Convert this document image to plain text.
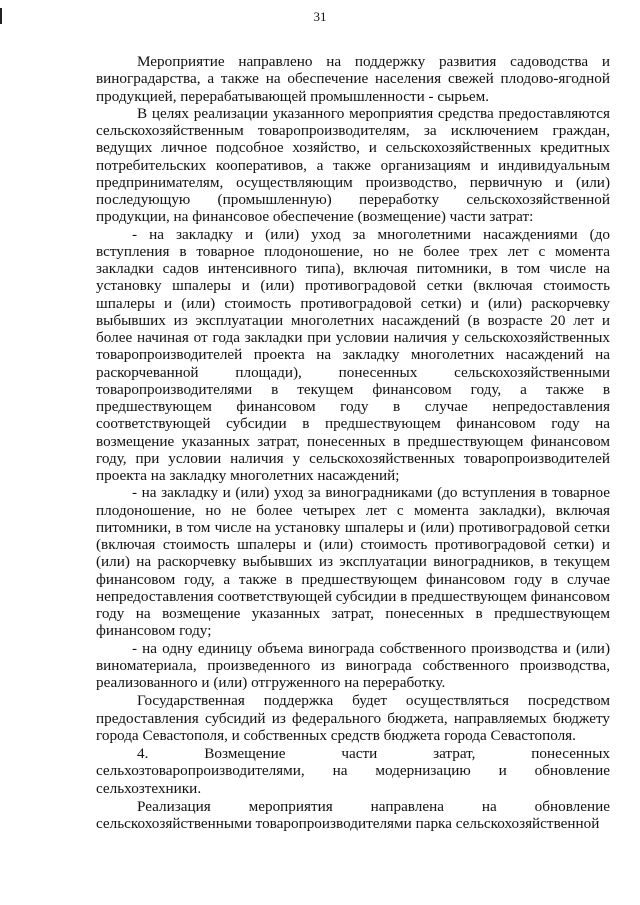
31

Мероприятие направлено на поддержку развития садоводства и виноградарства, а также на обеспечение населения свежей плодово-ягодной продукцией, перерабатывающей промышленности - сырьем.

В целях реализации указанного мероприятия средства предоставляются сельскохозяйственным товаропроизводителям, за исключением граждан, ведущих личное подсобное хозяйство, и сельскохозяйственных кредитных потребительских кооперативов, а также организациям и индивидуальным предпринимателям, осуществляющим производство, первичную и (или) последующую (промышленную) переработку сельскохозяйственной продукции, на финансовое обеспечение (возмещение) части затрат:

- на закладку и (или) уход за многолетними насаждениями (до вступления в товарное плодоношение, но не более трех лет с момента закладки садов интенсивного типа), включая питомники, в том числе на установку шпалеры и (или) противоградовой сетки (включая стоимость шпалеры и (или) стоимость противоградовой сетки) и (или) раскорчевку выбывших из эксплуатации многолетних насаждений (в возрасте 20 лет и более начиная от года закладки при условии наличия у сельскохозяйственных товаропроизводителей проекта на закладку многолетних насаждений на раскорчеванной площади), понесенных сельскохозяйственными товаропроизводителями в текущем финансовом году, а также в предшествующем финансовом году в случае непредоставления соответствующей субсидии в предшествующем финансовом году на возмещение указанных затрат, понесенных в предшествующем финансовом году, при условии наличия у сельскохозяйственных товаропроизводителей проекта на закладку многолетних насаждений;

- на закладку и (или) уход за виноградниками (до вступления в товарное плодоношение, но не более четырех лет с момента закладки), включая питомники, в том числе на установку шпалеры и (или) противоградовой сетки (включая стоимость шпалеры и (или) стоимость противоградовой сетки) и (или) на раскорчевку выбывших из эксплуатации виноградников, в текущем финансовом году, а также в предшествующем финансовом году в случае непредоставления соответствующей субсидии в предшествующем финансовом году на возмещение указанных затрат, понесенных в предшествующем финансовом году;

- на одну единицу объема винограда собственного производства и (или) виноматериала, произведенного из винограда собственного производства, реализованного и (или) отгруженного на переработку.

Государственная поддержка будет осуществляться посредством предоставления субсидий из федерального бюджета, направляемых бюджету города Севастополя, и собственных средств бюджета города Севастополя.

4. Возмещение части затрат, понесенных сельхозтоваропроизводителями, на модернизацию и обновление сельхозтехники.

Реализация мероприятия направлена на обновление сельскохозяйственными товаропроизводителями парка сельскохозяйственной
